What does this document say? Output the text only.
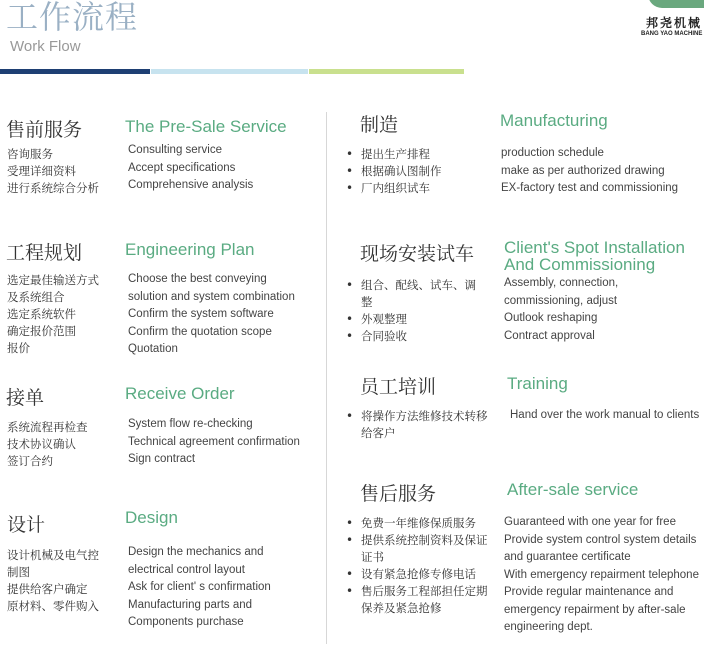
工作流程
Work Flow
邦尧机械
BANG YAO MACHINE
售前服务	The Pre-Sale Service
咨询服务
受理详细资料
进行系统综合分析
Consulting service
Accept specifications
Comprehensive analysis
工程规划	Engineering Plan
选定最佳输送方式
及系统组合
选定系统软件
确定报价范围
报价
Choose the best conveying
solution and system combination
Confirm the system software
Confirm the quotation scope
Quotation
接单	Receive Order
系统流程再检查
技术协议确认
签订合约
System flow re-checking
Technical agreement confirmation
Sign contract
设计	Design
设计机械及电气控
制图
提供给客户确定
原材料、零件购入
Design the mechanics and
electrical control layout
Ask for client' s confirmation
Manufacturing parts and
Components purchase
制造	Manufacturing
• 提出生产排程
• 根据确认图制作
• 厂内组织试车
production schedule
make as per authorized drawing
EX-factory test and commissioning
现场安装试车 Client's Spot Installation And Commissioning
• 组合、配线、试车、调整
• 外观整理
• 合同验收
Assembly, connection,
commissioning, adjust
Outlook reshaping
Contract approval
员工培训	Training
• 将操作方法维修技术转移给客户
Hand over the work manual to clients
售后服务	After-sale service
• 免费一年维修保质服务
• 提供系统控制资料及保证证书
• 设有紧急抢修专修电话
• 售后服务工程部担任定期保养及紧急抢修
Guaranteed with one year for free
Provide system control system details
and guarantee certificate
With emergency repairment telephone
Provide regular maintenance and
emergency repairment by after-sale
engineering dept.
